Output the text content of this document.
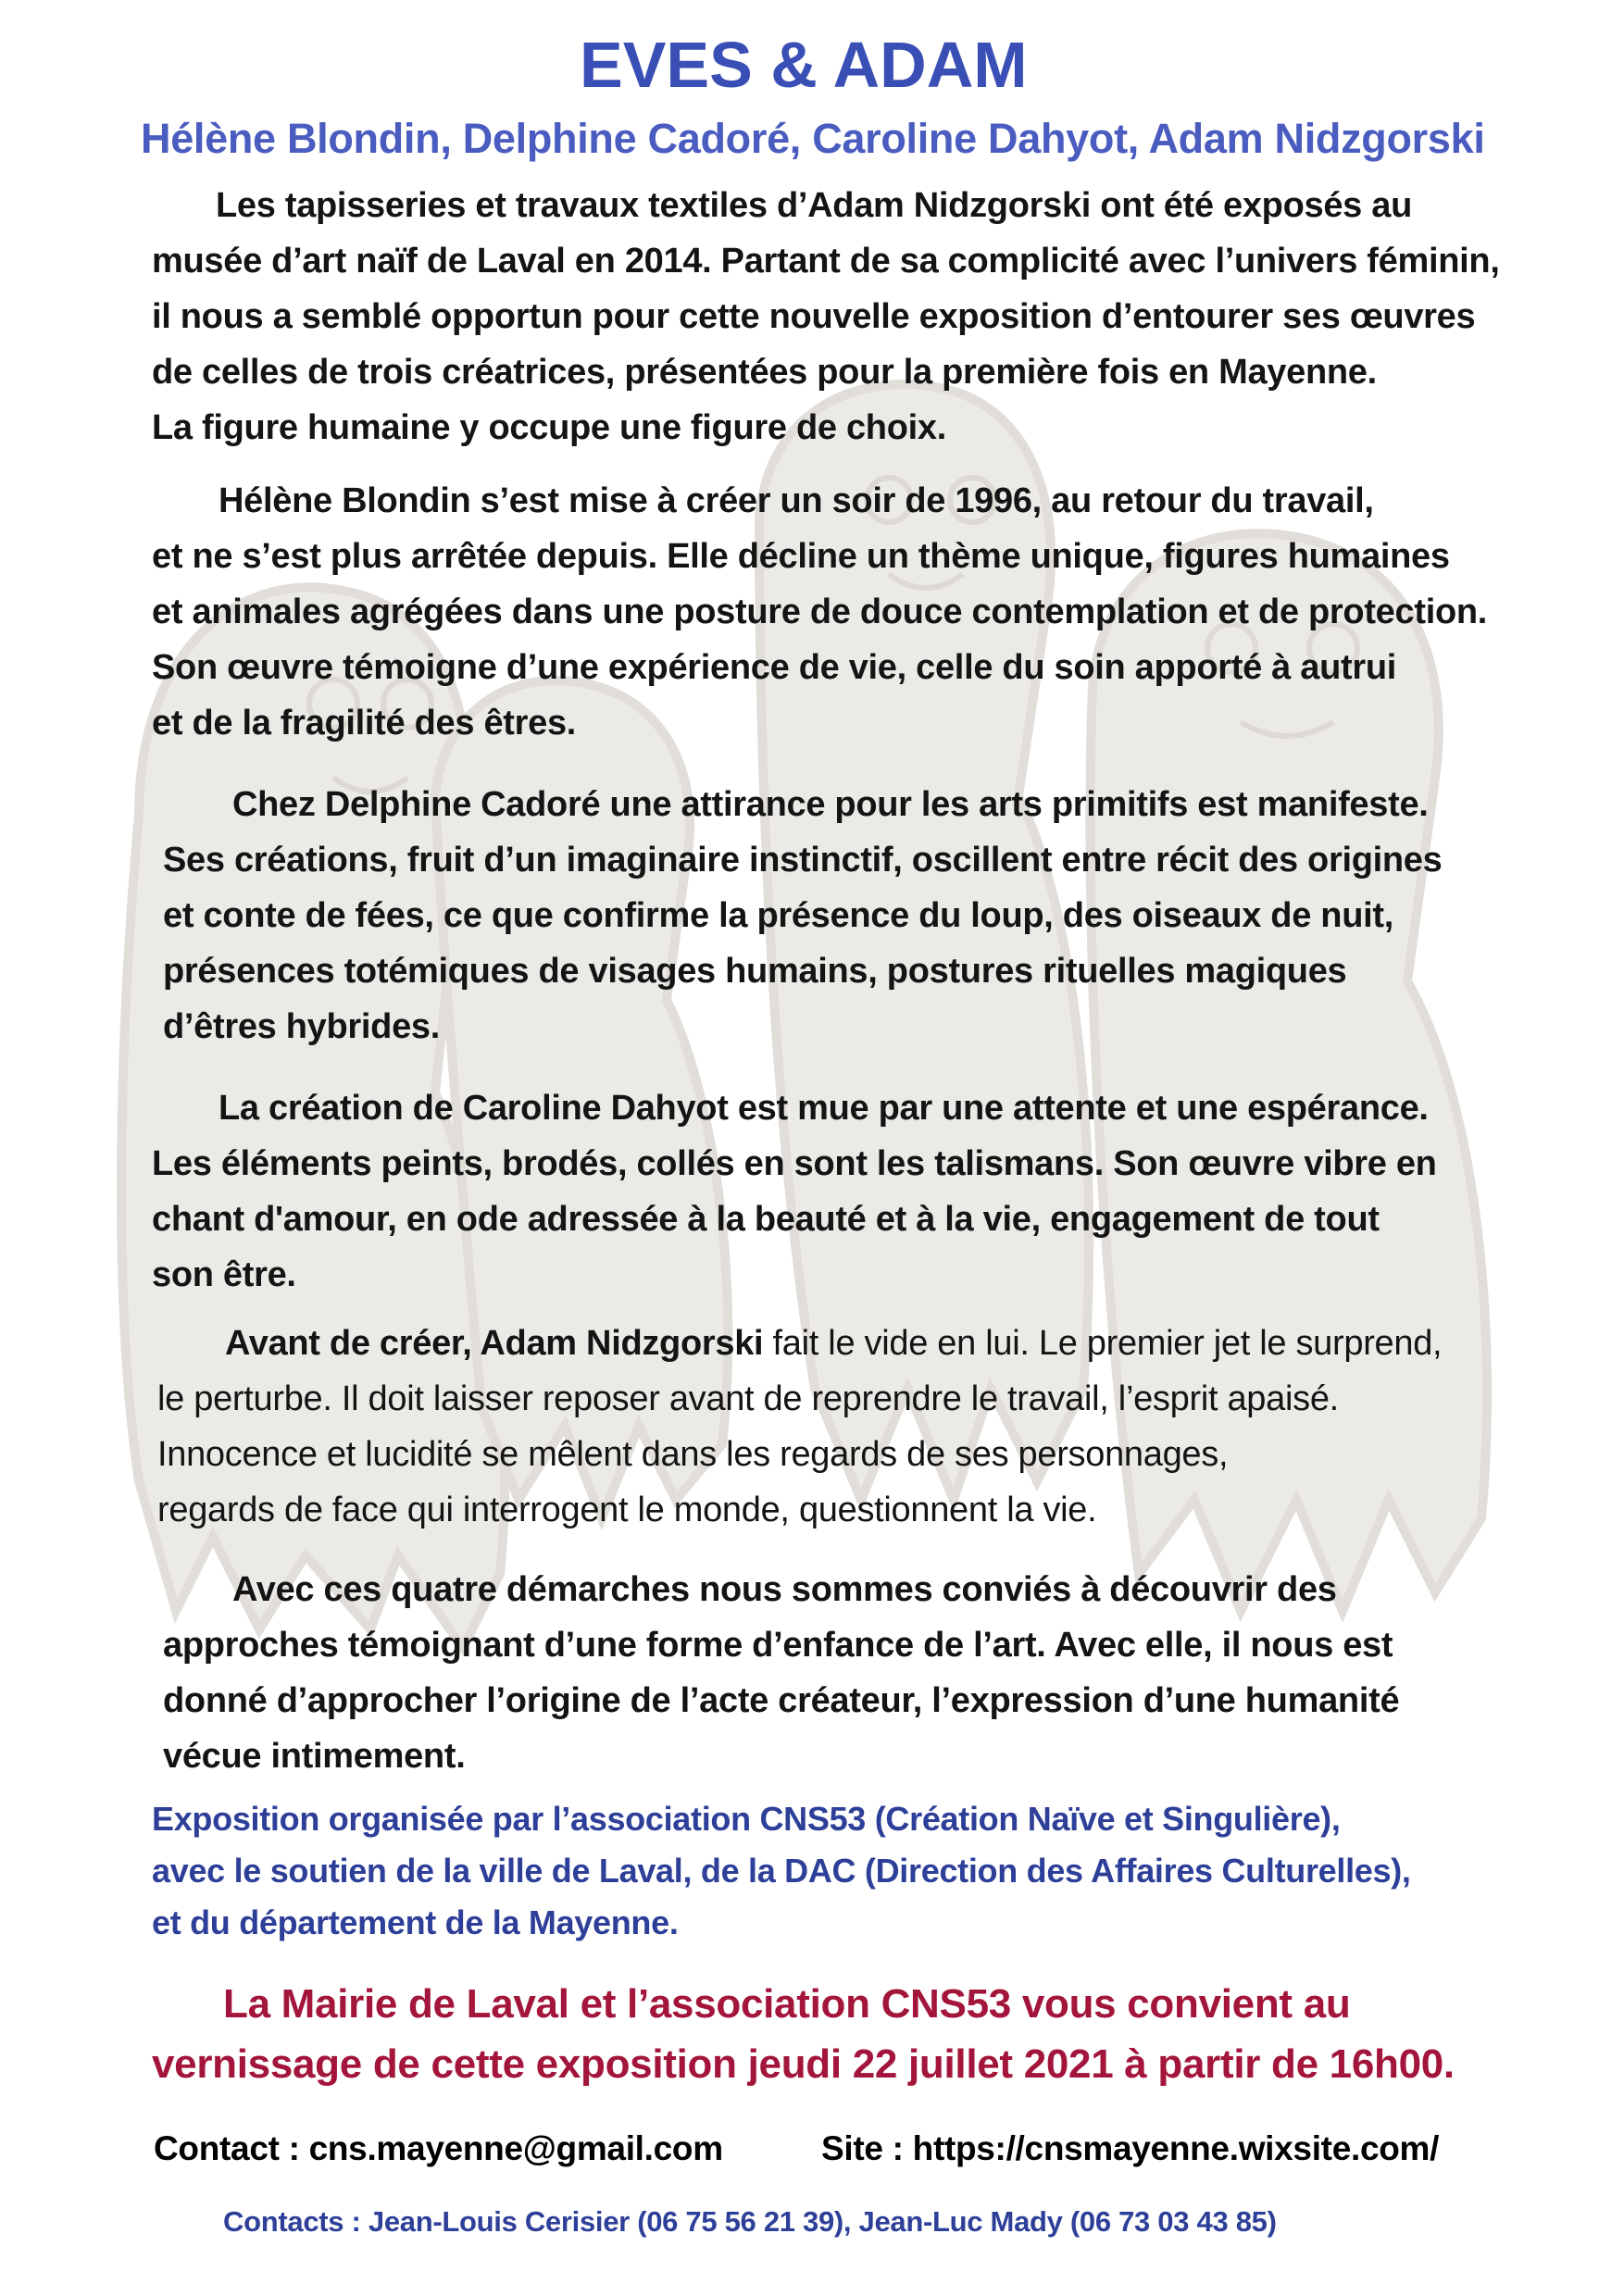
EVES & ADAM
Hélène Blondin, Delphine Cadoré, Caroline Dahyot, Adam Nidzgorski
Les tapisseries et travaux textiles d’Adam Nidzgorski ont été exposés au
musée d’art naïf de Laval en 2014. Partant de sa complicité avec l’univers féminin,
il nous a semblé opportun pour cette nouvelle exposition d’entourer ses œuvres
de celles de trois créatrices, présentées pour la première fois en Mayenne.
La figure humaine y occupe une figure de choix.
Hélène Blondin s’est mise à créer un soir de 1996, au retour du travail,
et ne s’est plus arrêtée depuis. Elle décline un thème unique, figures humaines
et animales agrégées dans une posture de douce contemplation et de protection.
Son œuvre témoigne d’une expérience de vie, celle du soin apporté à autrui
et de la fragilité des êtres.
Chez Delphine Cadoré une attirance pour les arts primitifs est manifeste.
Ses créations, fruit d’un imaginaire instinctif, oscillent entre récit des origines
et conte de fées, ce que confirme la présence du loup, des oiseaux de nuit,
présences totémiques de visages humains, postures rituelles magiques
d’êtres hybrides.
La création de Caroline Dahyot est mue par une attente et une espérance.
Les éléments peints, brodés, collés en sont les talismans. Son œuvre vibre en
chant d'amour, en ode adressée à la beauté et à la vie, engagement de tout
son être.
Avant de créer, Adam Nidzgorski fait le vide en lui. Le premier jet le surprend,
le perturbe. Il doit laisser reposer avant de reprendre le travail, l’esprit apaisé.
Innocence et lucidité se mêlent dans les regards de ses personnages,
regards de face qui interrogent le monde, questionnent la vie.
Avec ces quatre démarches nous sommes conviés à découvrir des
approches témoignant d’une forme d’enfance de l’art. Avec elle, il nous est
donné d’approcher l’origine de l’acte créateur, l’expression d’une humanité
vécue intimement.
Exposition organisée par l’association CNS53 (Création Naïve et Singulière),
avec le soutien de la ville de Laval, de la DAC (Direction des Affaires Culturelles),
et du département de la Mayenne.
La Mairie de Laval et l’association CNS53 vous convient au
vernissage de cette exposition jeudi 22 juillet 2021 à partir de 16h00.
Contact : cns.mayenne@gmail.com	Site : https://cnsmayenne.wixsite.com/
Contacts : Jean-Louis Cerisier (06 75 56 21 39), Jean-Luc Mady (06 73 03 43 85)
